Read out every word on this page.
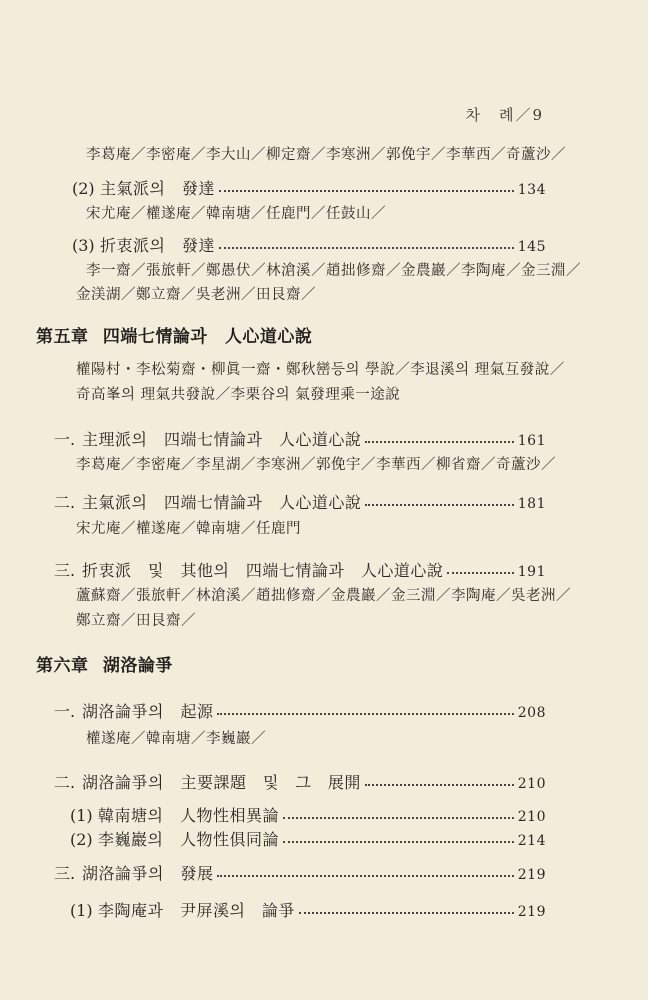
차　례／9
李葛庵／李密庵／李大山／柳定齋／李寒洲／郭俛宇／李華西／奇蘆沙／
(2) 主氣派의　發達	134
宋尤庵／權遂庵／韓南塘／任鹿門／任鼓山／
(3) 折衷派의　發達	145
李一齋／張旅軒／鄭愚伏／林滄溪／趙拙修齋／金農巖／李陶庵／金三淵／
金渼湖／鄭立齋／吳老洲／田艮齋／
第五章 四端七情論과　人心道心說
權陽村・李松菊齋・柳眞一齋・鄭秋巒등의 學說／李退溪의 理氣互發說／
奇高峯의 理氣共發說／李栗谷의 氣發理乘一途說
一. 主理派의　四端七情論과　人心道心說	161
李葛庵／李密庵／李星湖／李寒洲／郭俛宇／李華西／柳省齋／奇蘆沙／
二. 主氣派의　四端七情論과　人心道心說	181
宋尤庵／權遂庵／韓南塘／任鹿門
三. 折衷派　및　其他의　四端七情論과　人心道心說	191
蘆蘇齋／張旅軒／林滄溪／趙拙修齋／金農巖／金三淵／李陶庵／吳老洲／
鄭立齋／田艮齋／
第六章 湖洛論爭
一. 湖洛論爭의　起源	208
權遂庵／韓南塘／李巍巖／
二. 湖洛論爭의　主要課題　및　그　展開	210
(1) 韓南塘의　人物性相異論	210
(2) 李巍巖의　人物性俱同論	214
三. 湖洛論爭의　發展	219
(1) 李陶庵과　尹屏溪의　論爭	219
